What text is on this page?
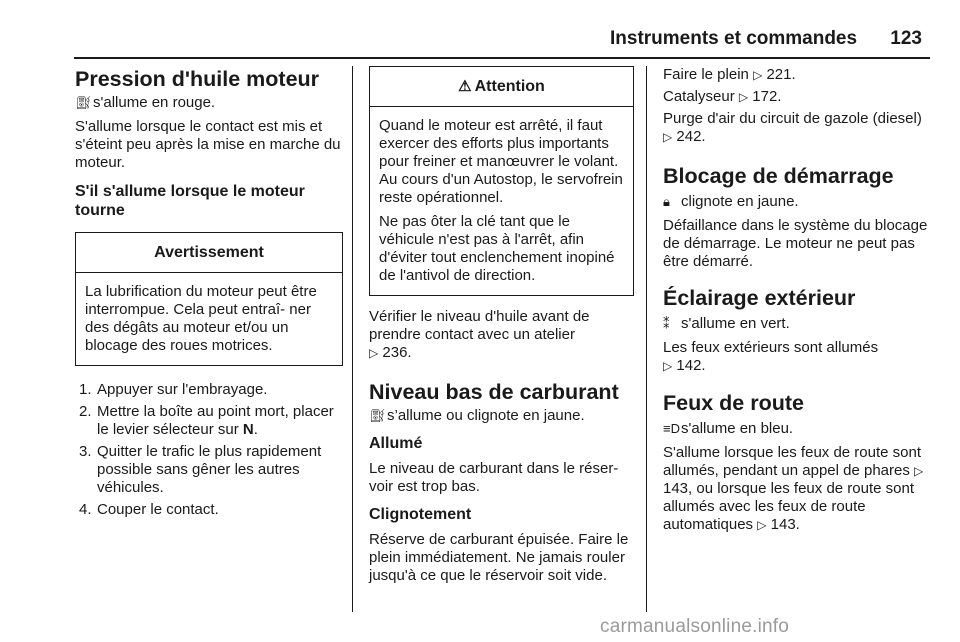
Instruments et commandes 123
Pression d'huile moteur
⛽︎s'allume en rouge.
S'allume lorsque le contact est mis et s'éteint peu après la mise en marche du moteur.
S'il s'allume lorsque le moteur tourne
Avertissement
La lubrification du moteur peut être interrompue. Cela peut entraî- ner des dégâts au moteur et/ou un blocage des roues motrices.
1. Appuyer sur l'embrayage.
2. Mettre la boîte au point mort, placer le levier sélecteur sur N.
3. Quitter le trafic le plus rapidement possible sans gêner les autres véhicules.
4. Couper le contact.
⚠ Attention
Quand le moteur est arrêté, il faut exercer des efforts plus importants pour freiner et manœuvrer le volant. Au cours d'un Autostop, le servofrein reste opérationnel.
Ne pas ôter la clé tant que le véhicule n'est pas à l'arrêt, afin d'éviter tout enclenchement inopiné de l'antivol de direction.
Vérifier le niveau d'huile avant de prendre contact avec un atelier
▷ 236.
Niveau bas de carburant
⛽︎s’allume ou clignote en jaune.
Allumé
Le niveau de carburant dans le réser- voir est trop bas.
Clignotement
Réserve de carburant épuisée. Faire le plein immédiatement. Ne jamais rouler jusqu'à ce que le réservoir soit vide.
Faire le plein ▷ 221.
Catalyseur ▷ 172.
Purge d'air du circuit de gazole (diesel) ▷ 242.
Blocage de démarrage
🔒︎ clignote en jaune.
Défaillance dans le système du blocage de démarrage. Le moteur ne peut pas être démarré.
Éclairage extérieur
⁑ s'allume en vert.
Les feux extérieurs sont allumés
▷ 142.
Feux de route
≡Ds'allume en bleu.
S'allume lorsque les feux de route sont allumés, pendant un appel de phares ▷ 143, ou lorsque les feux de route sont allumés avec les feux de route automatiques ▷ 143.
carmanualsonline.info
